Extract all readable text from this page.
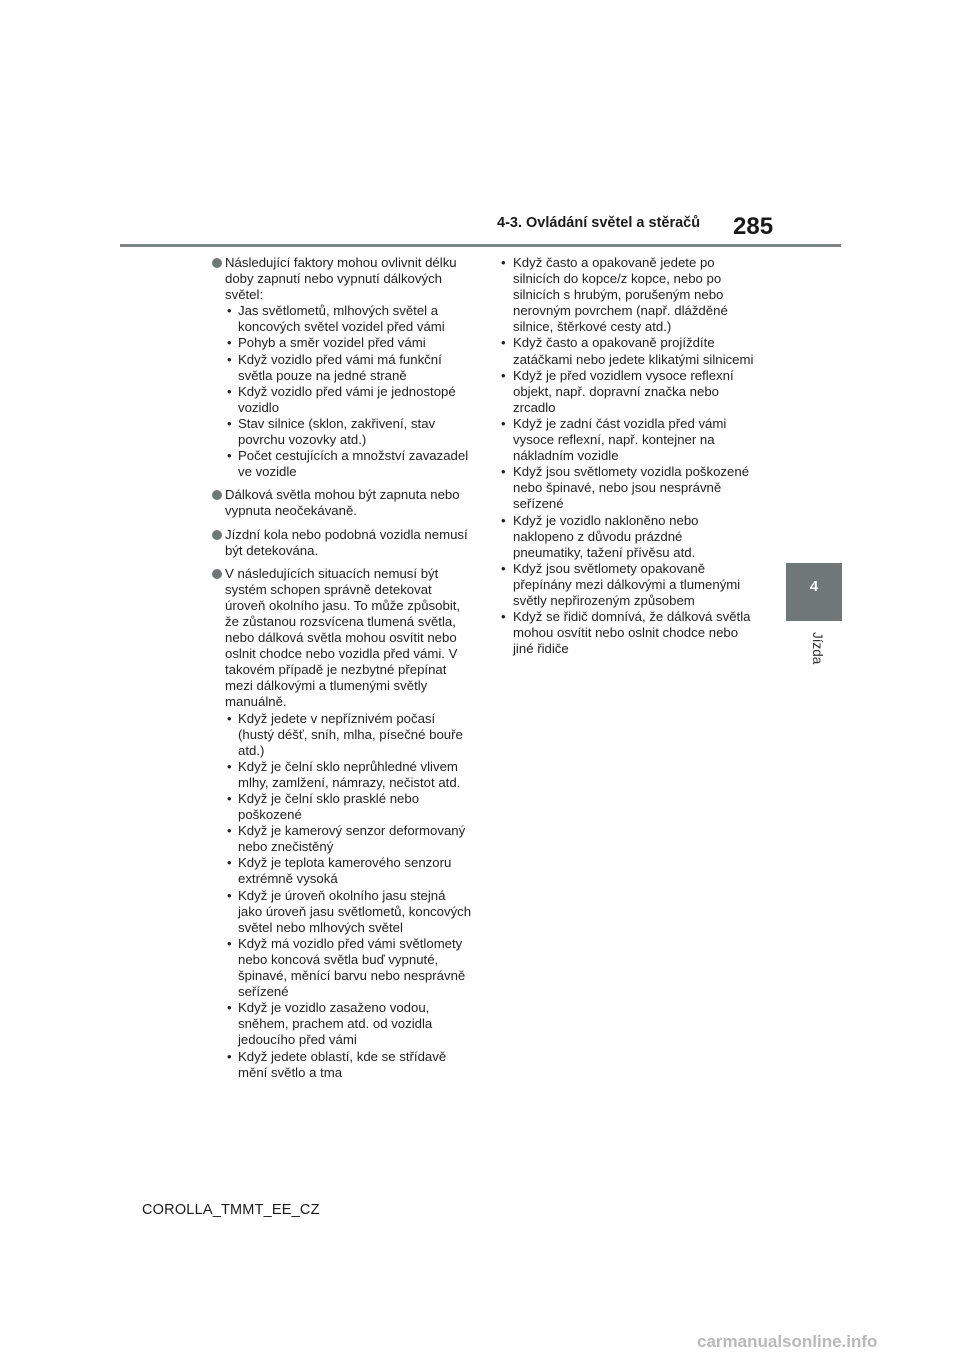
4-3. Ovládání světel a stěračů 285
4
Jízda
Následující faktory mohou ovlivnit délku doby zapnutí nebo vypnutí dálkových světel:
• Jas světlometů, mlhových světel a koncových světel vozidel před vámi
• Pohyb a směr vozidel před vámi
• Když vozidlo před vámi má funkční světla pouze na jedné straně
• Když vozidlo před vámi je jednostopé vozidlo
• Stav silnice (sklon, zakřivení, stav povrchu vozovky atd.)
• Počet cestujících a množství zavazadel ve vozidle
Dálková světla mohou být zapnuta nebo vypnuta neočekávaně.
Jízdní kola nebo podobná vozidla nemusí být detekována.
V následujících situacích nemusí být systém schopen správně detekovat úroveň okolního jasu. To může způsobit, že zůstanou rozsvícena tlumená světla, nebo dálková světla mohou osvítit nebo oslnit chodce nebo vozidla před vámi. V takovém případě je nezbytné přepínat mezi dálkovými a tlumenými světly manuálně.
• Když jedete v nepříznivém počasí (hustý déšť, sníh, mlha, písečné bouře atd.)
• Když je čelní sklo neprůhledné vlivem mlhy, zamlžení, námrazy, nečistot atd.
• Když je čelní sklo prasklé nebo poškozené
• Když je kamerový senzor deformovaný nebo znečistěný
• Když je teplota kamerového senzoru extrémně vysoká
• Když je úroveň okolního jasu stejná jako úroveň jasu světlometů, koncových světel nebo mlhových světel
• Když má vozidlo před vámi světlomety nebo koncová světla buď vypnuté, špinavé, měnící barvu nebo nesprávně seřízené
• Když je vozidlo zasaženo vodou, sněhem, prachem atd. od vozidla jedoucího před vámi
• Když jedete oblastí, kde se střídavě mění světlo a tma
• Když často a opakovaně jedete po silnicích do kopce/z kopce, nebo po silnicích s hrubým, porušeným nebo nerovným povrchem (např. dlážděné silnice, štěrkové cesty atd.)
• Když často a opakovaně projíždíte zatáčkami nebo jedete klikatými silnicemi
• Když je před vozidlem vysoce reflexní objekt, např. dopravní značka nebo zrcadlo
• Když je zadní část vozidla před vámi vysoce reflexní, např. kontejner na nákladním vozidle
• Když jsou světlomety vozidla poškozené nebo špinavé, nebo jsou nesprávně seřízené
• Když je vozidlo nakloněno nebo naklopeno z důvodu prázdné pneumatiky, tažení přívěsu atd.
• Když jsou světlomety opakovaně přepínány mezi dálkovými a tlumenými světly nepřirozeným způsobem
• Když se řidič domnívá, že dálková světla mohou osvítit nebo oslnit chodce nebo jiné řidiče
COROLLA_TMMT_EE_CZ
carmanualsonline.info
